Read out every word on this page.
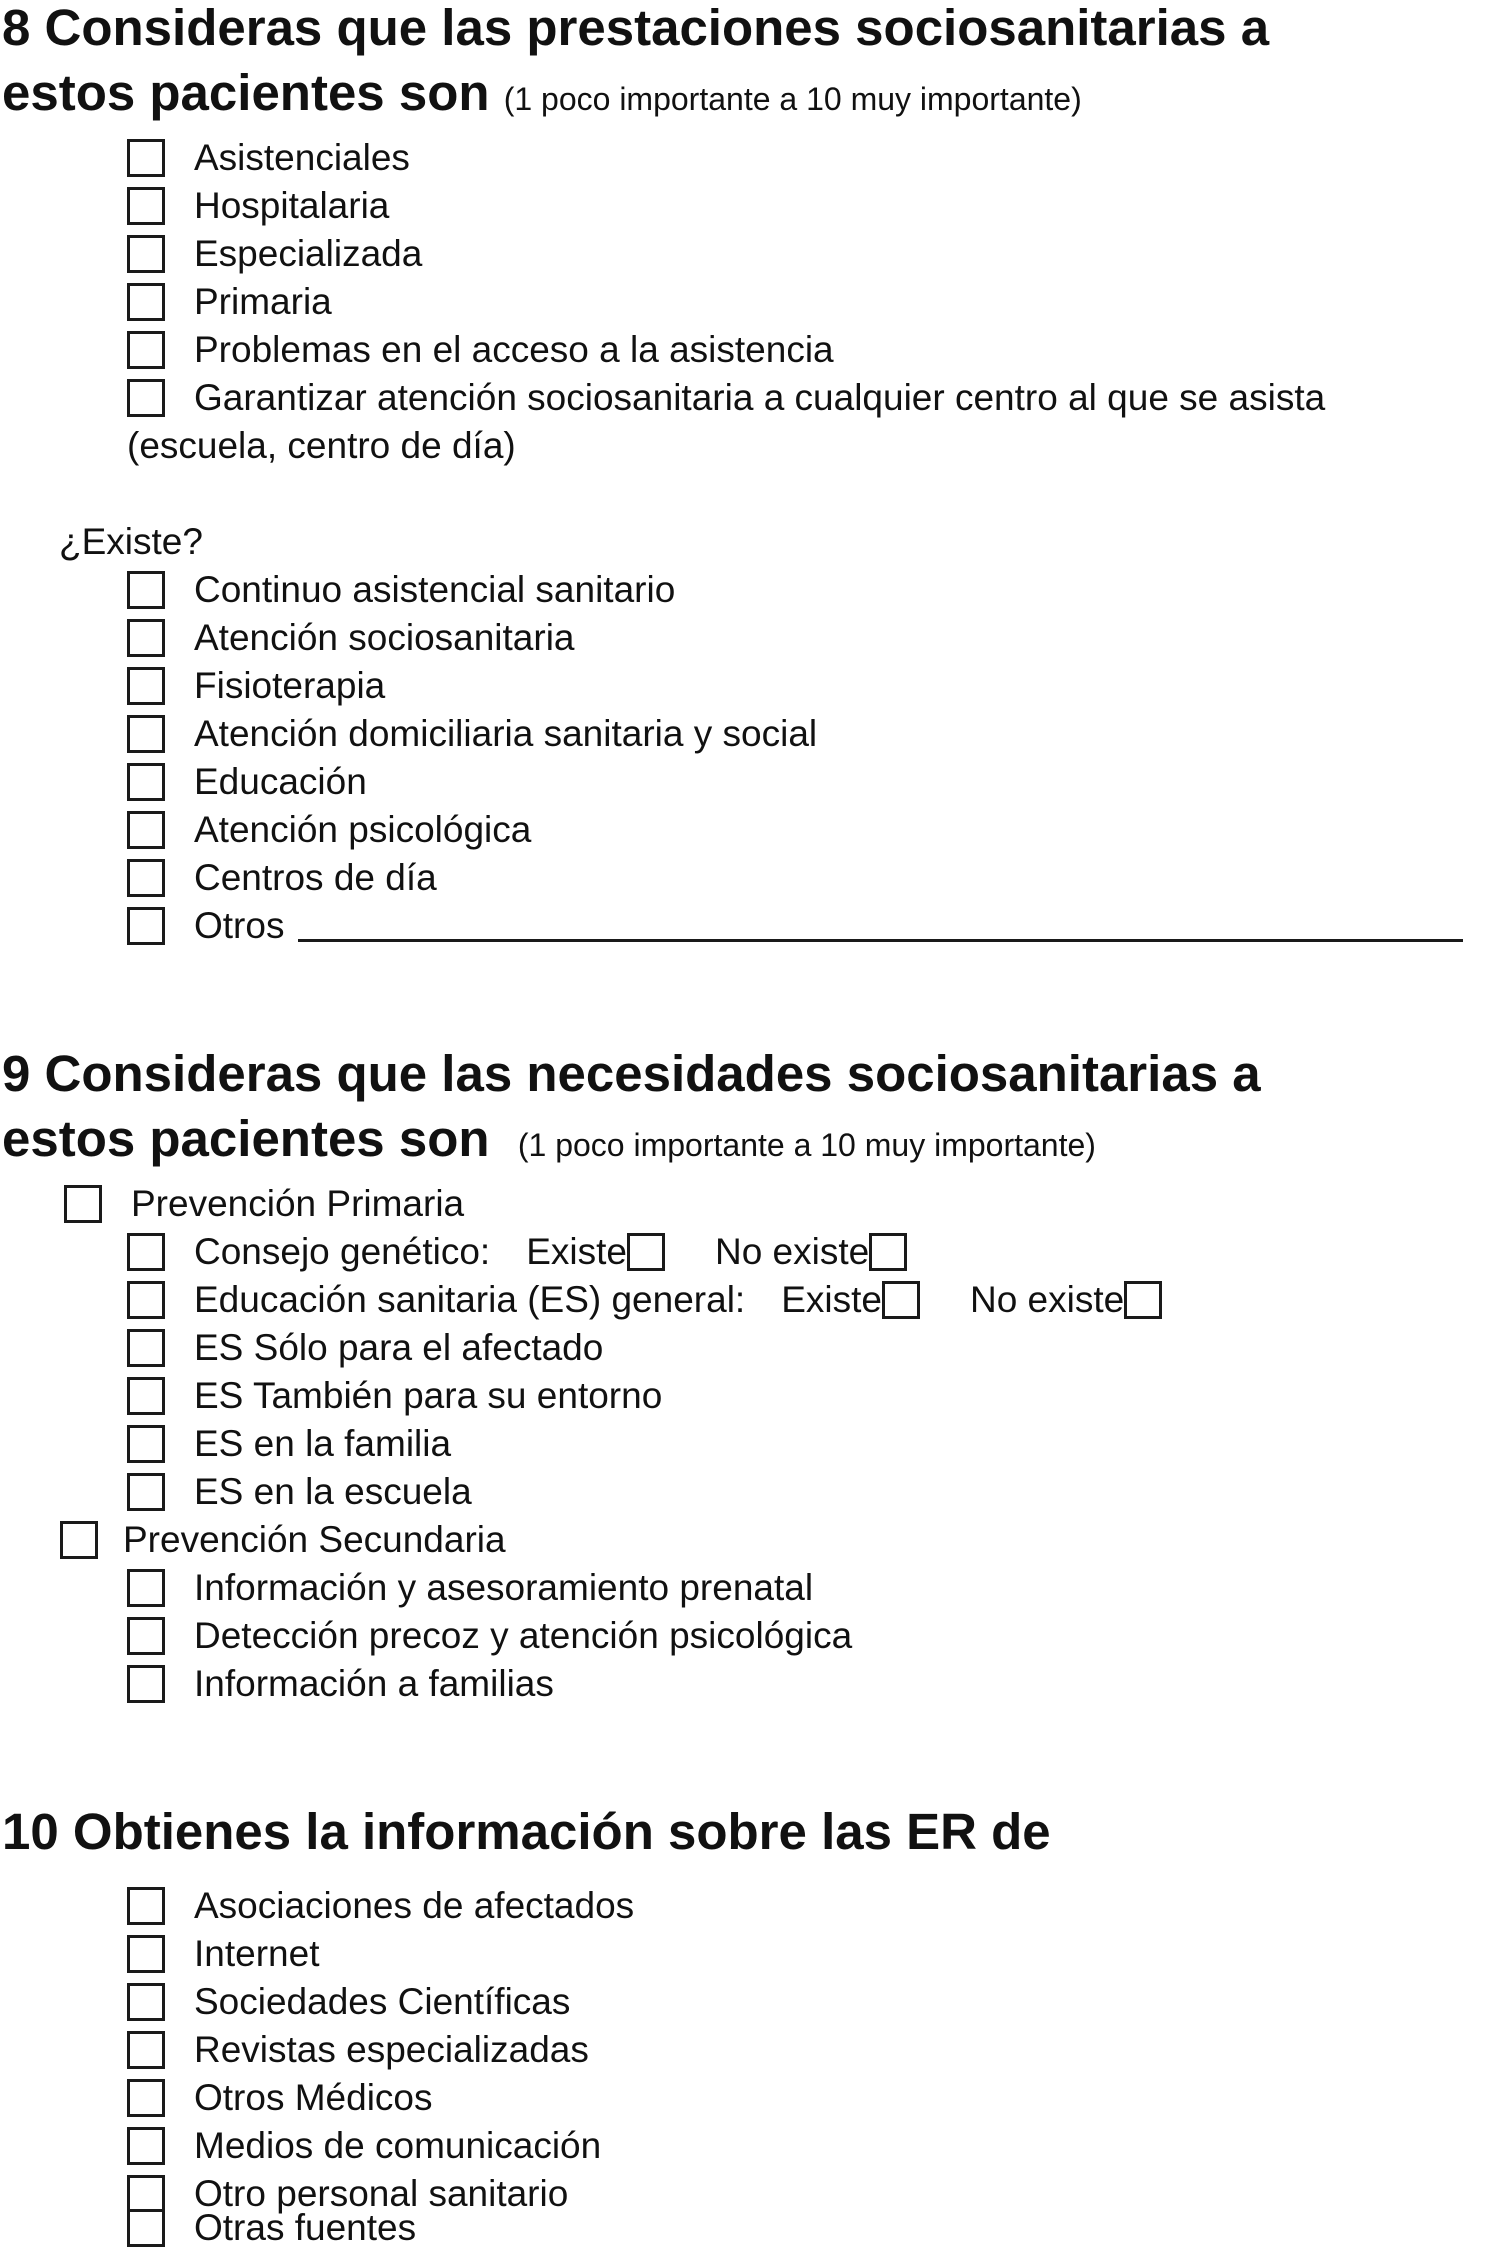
8 Consideras que las prestaciones sociosanitarias a
estos pacientes son (1 poco importante a 10 muy importante)
Asistenciales
Hospitalaria
Especializada
Primaria
Problemas en el acceso a la asistencia
Garantizar atención sociosanitaria a cualquier centro al que se asista
(escuela, centro de día)
¿Existe?
Continuo asistencial sanitario
Atención sociosanitaria
Fisioterapia
Atención domiciliaria sanitaria y social
Educación
Atención psicológica
Centros de día
Otros
9 Consideras que las necesidades sociosanitarias a
estos pacientes son (1 poco importante a 10 muy importante)
Prevención Primaria
Consejo genético: Existe No existe
Educación sanitaria (ES) general: Existe No existe
ES Sólo para el afectado
ES También para su entorno
ES en la familia
ES en la escuela
Prevención Secundaria
Información y asesoramiento prenatal
Detección precoz y atención psicológica
Información a familias
10 Obtienes la información sobre las ER de
Asociaciones de afectados
Internet
Sociedades Científicas
Revistas especializadas
Otros Médicos
Medios de comunicación
Otro personal sanitario
Otras fuentes
